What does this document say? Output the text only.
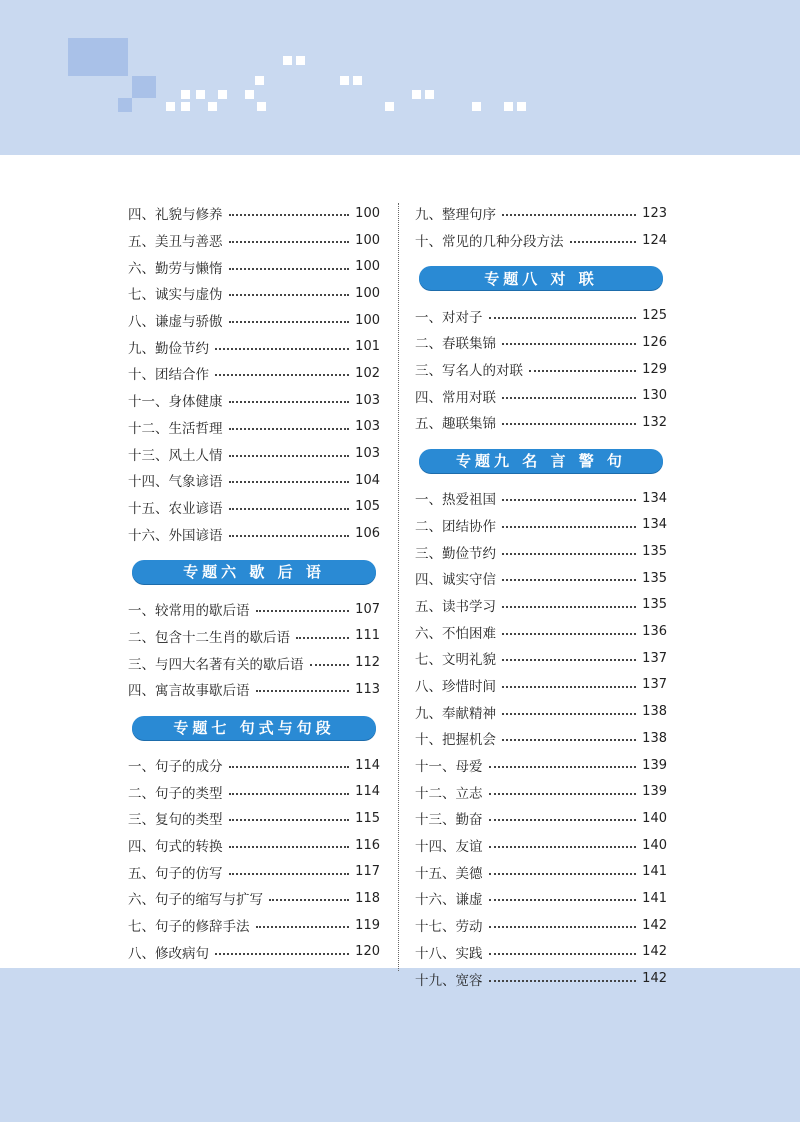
四、 礼貌与修养	100
五、 美丑与善恶	100
六、 勤劳与懒惰	100
七、 诚实与虚伪	100
八、 谦虚与骄傲	100
九、 勤俭节约	101
十、 团结合作	102
十一、 身体健康	103
十二、 生活哲理	103
十三、 风土人情	103
十四、 气象谚语	104
十五、 农业谚语	105
十六、 外国谚语	106
专题六 歇 后 语
一、 较常用的歇后语	107
二、 包含十二生肖的歇后语	111
三、 与四大名著有关的歇后语	112
四、 寓言故事歇后语	113
专题七 句式与句段
一、 句子的成分	114
二、 句子的类型	114
三、 复句的类型	115
四、 句式的转换	116
五、 句子的仿写	117
六、 句子的缩写与扩写	118
七、 句子的修辞手法	119
八、 修改病句	120
九、 整理句序	123
十、 常见的几种分段方法	124
专题八 对 联
一、 对对子	125
二、 春联集锦	126
三、 写名人的对联	129
四、 常用对联	130
五、 趣联集锦	132
专题九 名 言 警 句
一、 热爱祖国	134
二、 团结协作	134
三、 勤俭节约	135
四、 诚实守信	135
五、 读书学习	135
六、 不怕困难	136
七、 文明礼貌	137
八、 珍惜时间	137
九、 奉献精神	138
十、 把握机会	138
十一、 母爱	139
十二、 立志	139
十三、 勤奋	140
十四、 友谊	140
十五、 美德	141
十六、 谦虚	141
十七、 劳动	142
十八、 实践	142
十九、 宽容	142
